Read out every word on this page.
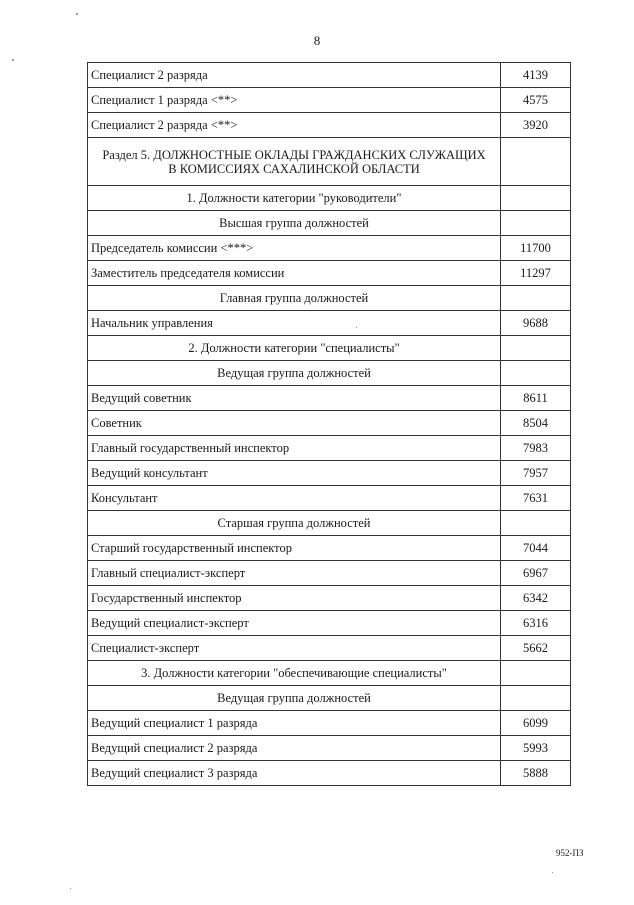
8
Специалист 2 разряда	4139
Специалист 1 разряда <**>	4575
Специалист 2 разряда <**>	3920
Раздел 5. ДОЛЖНОСТНЫЕ ОКЛАДЫ ГРАЖДАНСКИХ СЛУЖАЩИХ В КОМИССИЯХ САХАЛИНСКОЙ ОБЛАСТИ	
1. Должности категории "руководители"	
Высшая группа должностей	
Председатель комиссии <***>	11700
Заместитель председателя комиссии	11297
Главная группа должностей	
Начальник управления	9688
2. Должности категории "специалисты"	
Ведущая группа должностей	
Ведущий советник	8611
Советник	8504
Главный государственный инспектор	7983
Ведущий консультант	7957
Консультант	7631
Старшая группа должностей	
Старший государственный инспектор	7044
Главный специалист-эксперт	6967
Государственный инспектор	6342
Ведущий специалист-эксперт	6316
Специалист-эксперт	5662
3. Должности категории "обеспечивающие специалисты"	
Ведущая группа должностей	
Ведущий специалист 1 разряда	6099
Ведущий специалист 2 разряда	5993
Ведущий специалист 3 разряда	5888
952-ПЗ
